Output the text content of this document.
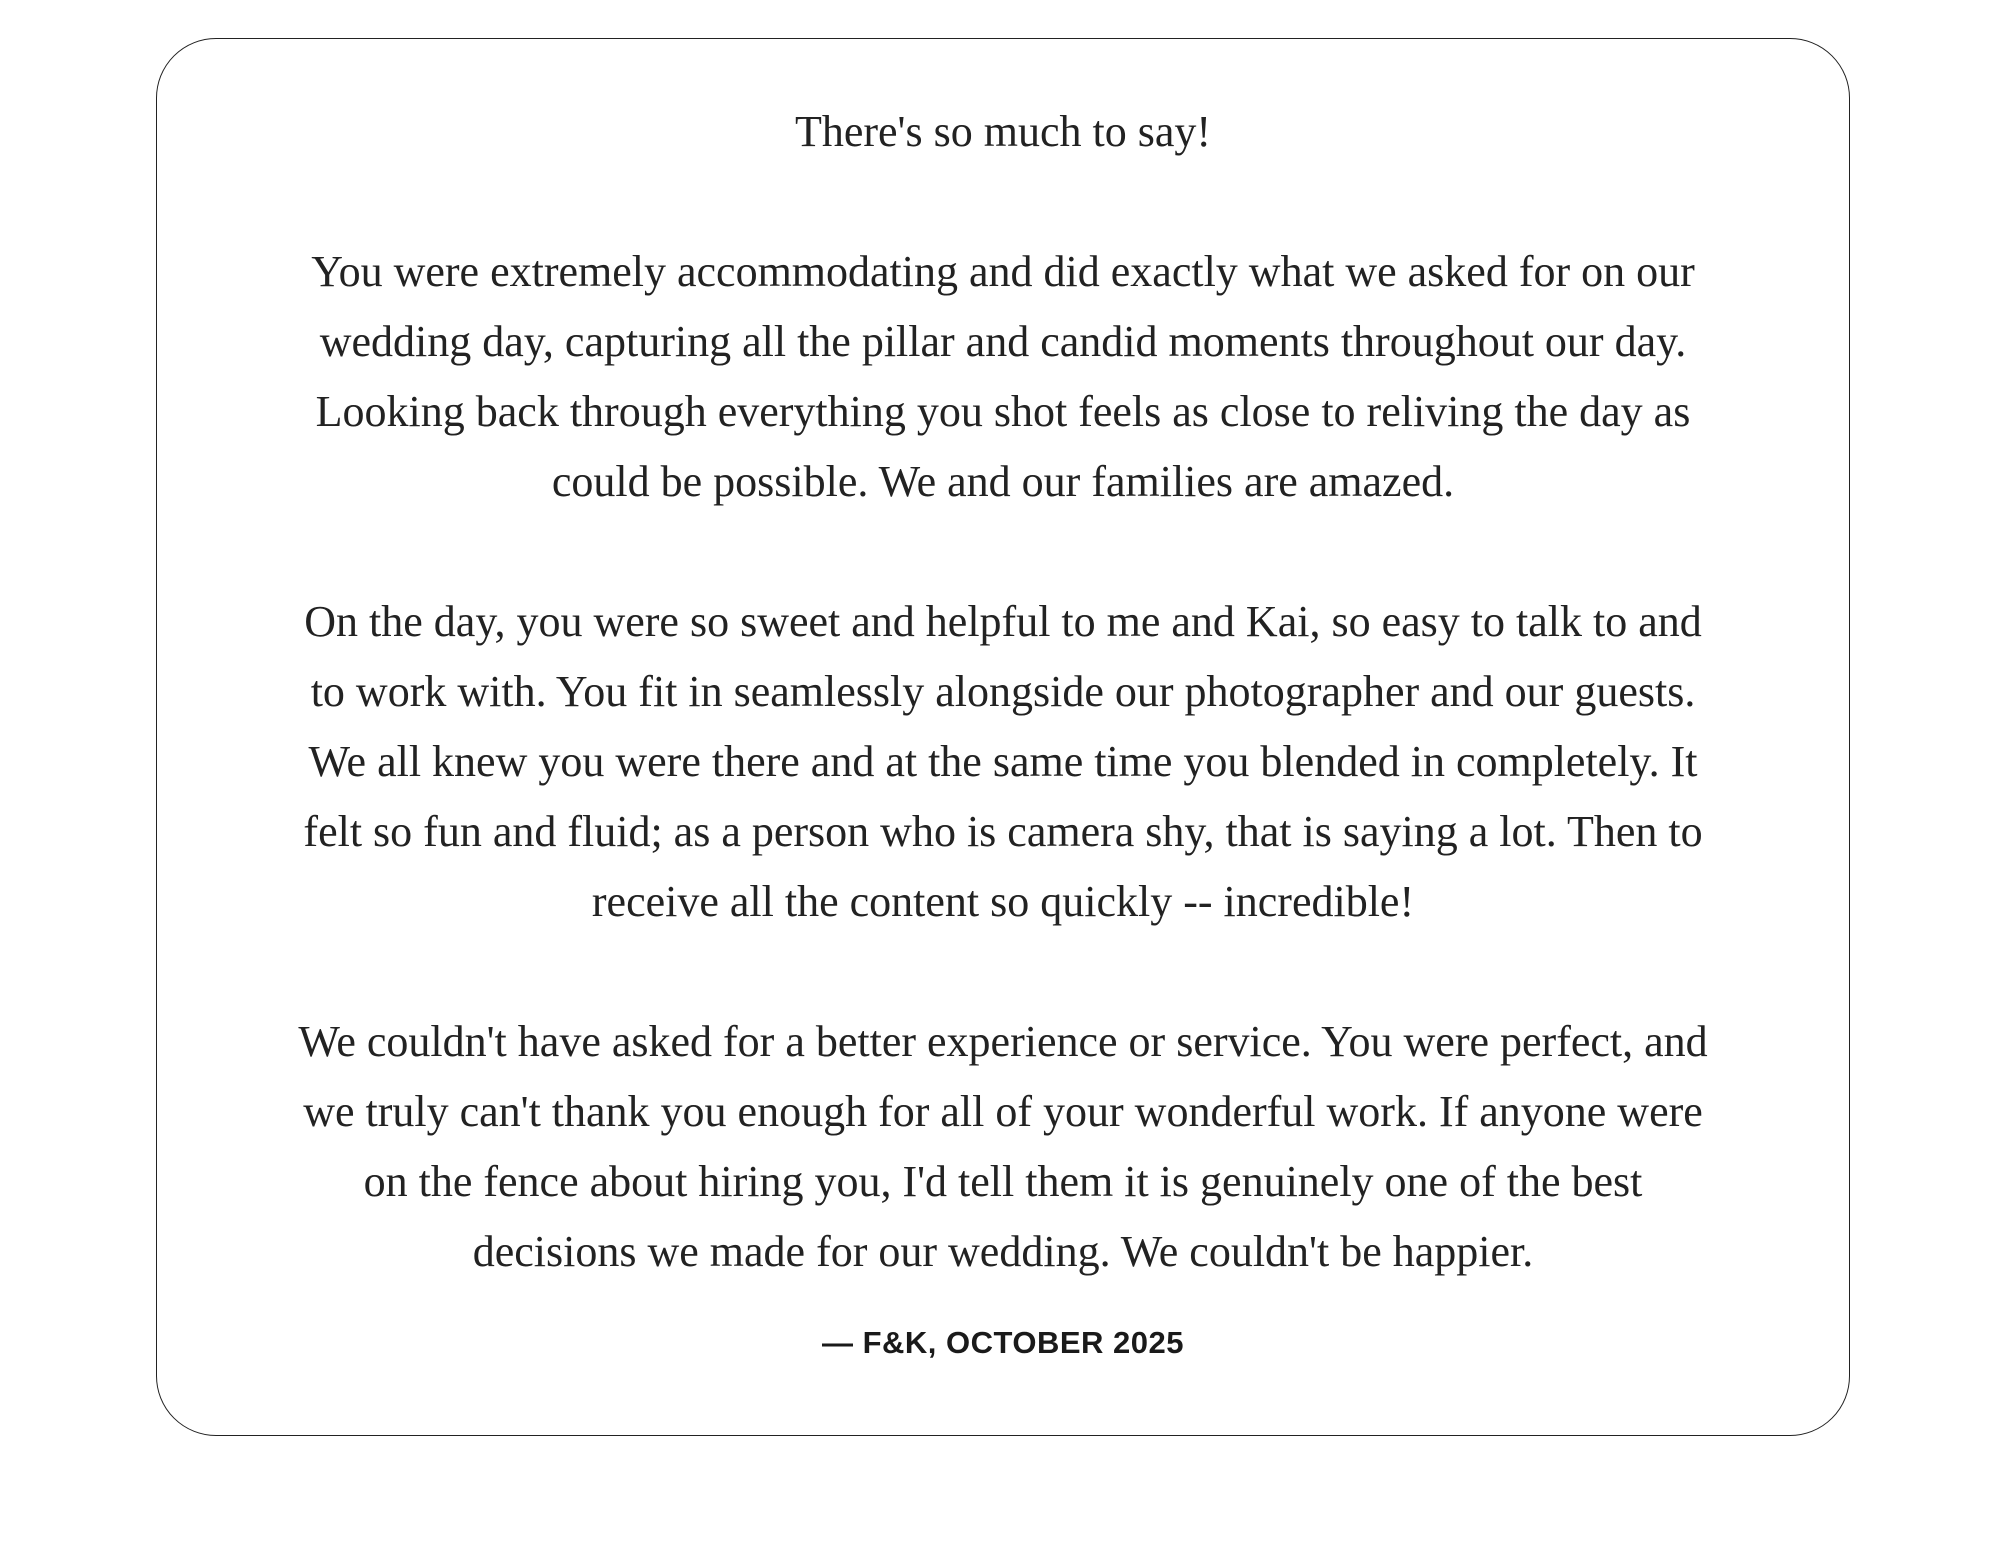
There's so much to say!

You were extremely accommodating and did exactly what we asked for on our
wedding day, capturing all the pillar and candid moments throughout our day.
Looking back through everything you shot feels as close to reliving the day as
could be possible. We and our families are amazed.

On the day, you were so sweet and helpful to me and Kai, so easy to talk to and
to work with. You fit in seamlessly alongside our photographer and our guests.
We all knew you were there and at the same time you blended in completely. It
felt so fun and fluid; as a person who is camera shy, that is saying a lot. Then to
receive all the content so quickly -- incredible!

We couldn't have asked for a better experience or service. You were perfect, and
we truly can't thank you enough for all of your wonderful work. If anyone were
on the fence about hiring you, I'd tell them it is genuinely one of the best
decisions we made for our wedding. We couldn't be happier.

— F&K, OCTOBER 2025
